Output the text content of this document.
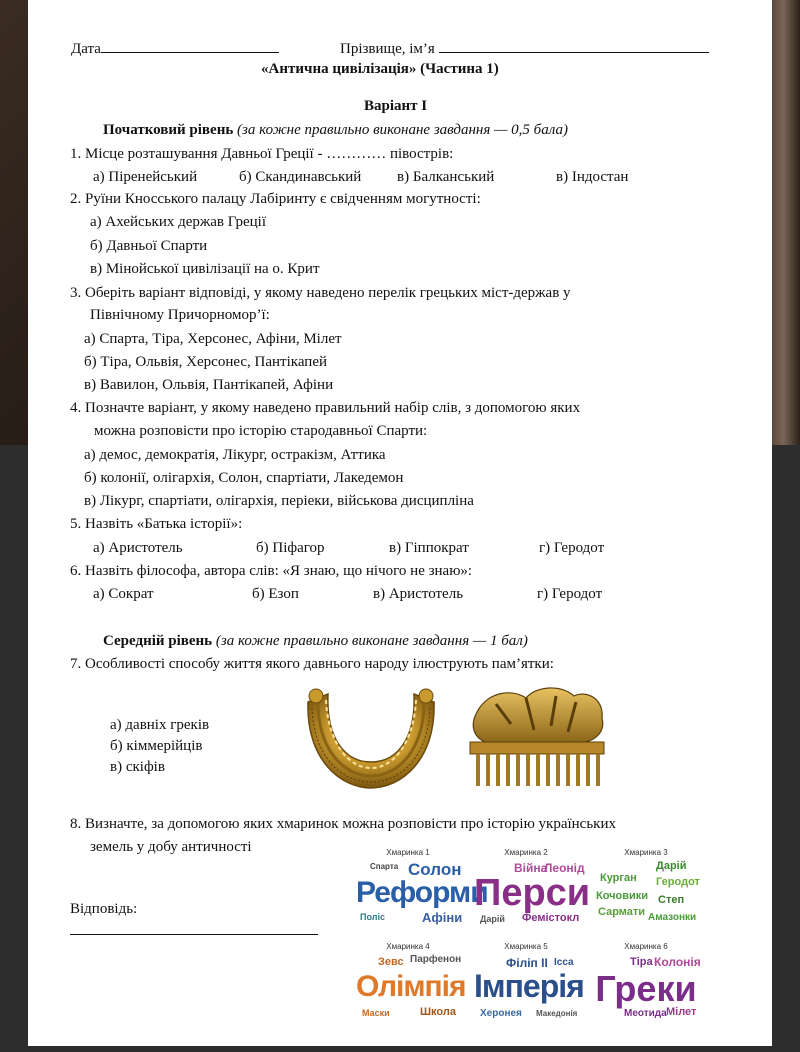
Дата	Прізвище, ім’я
«Антична цивілізація» (Частина 1)
Варіант І
Початковий рівень (за кожне правильно виконане завдання — 0,5 бала)
1. Місце розташування Давньої Греції - ………… півострів:
а) Піренейський	б) Скандинавський в) Балканський	в) Індостан
2. Руїни Кносського палацу Лабіринту є свідченням могутності:
а) Ахейських держав Греції
б) Давньої Спарти
в) Мінойської цивілізації на о. Крит
3. Оберіть варіант відповіді, у якому наведено перелік грецьких міст-держав у
Північному Причорномор’ї:
а) Спарта, Тіра, Херсонес, Афіни, Мілет
б) Тіра, Ольвія, Херсонес, Пантікапей
в) Вавилон, Ольвія, Пантікапей, Афіни
4. Позначте варіант, у якому наведено правильний набір слів, з допомогою яких
можна розповісти про історію стародавньої Спарти:
а) демос, демократія, Лікург, остракізм, Аттика
б) колонії, олігархія, Солон, спартіати, Лакедемон
в) Лікург, спартіати, олігархія, періеки, військова дисципліна
5. Назвіть «Батька історії»:
а) Аристотель	б) Піфагор	в) Гіппократ	г) Геродот
6. Назвіть філософа, автора слів: «Я знаю, що нічого не знаю»:
а) Сократ	б) Езоп	в) Аристотель	г) Геродот
Середній рівень (за кожне правильно виконане завдання — 1 бал)
7. Особливості способу життя якого давнього народу ілюструють пам’ятки:
а) давніх греків
б) кіммерійців
в) скіфів
8. Визначте, за допомогою яких хмаринок можна розповісти про історію українських
земель у добу античності
Відповідь:
Хмаринка 1
Спарта Солон
Реформи
Поліс	Афіни
Хмаринка 2
Війна
Леонід
Перси
Дарій Фемістокл
Хмаринка 3
Дарій
Курган Геродот
Кочовики Степ
Сармати Амазонки
Хмаринка 4
Зевс Парфенон
Олімпія
Маски	Школа
Хмаринка 5
Філіп II Ісса
Імперія
Херонея Македонія
Хмаринка 6
Тіра Колонія
Греки
Меотида Мілет
